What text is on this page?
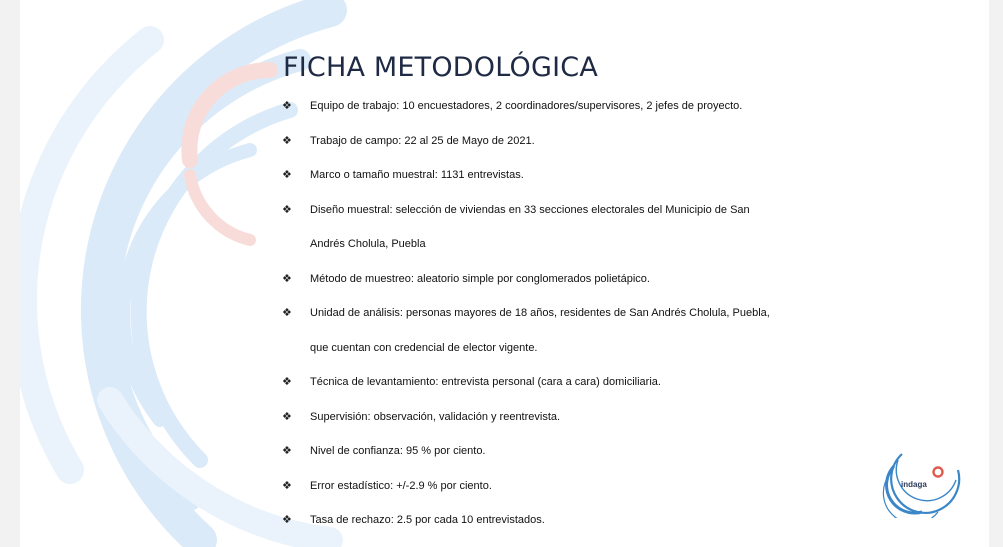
FICHA METODOLÓGICA
❖ Equipo de trabajo: 10 encuestadores, 2 coordinadores/supervisores, 2 jefes de proyecto.
❖ Trabajo de campo: 22 al 25 de Mayo de 2021.
❖ Marco o tamaño muestral: 1131 entrevistas.
❖ Diseño muestral: selección de viviendas en 33 secciones electorales del Municipio de San
Andrés Cholula, Puebla
❖ Método de muestreo: aleatorio simple por conglomerados polietápico.
❖ Unidad de análisis: personas mayores de 18 años, residentes de San Andrés Cholula, Puebla,
que cuentan con credencial de elector vigente.
❖ Técnica de levantamiento: entrevista personal (cara a cara) domiciliaria.
❖ Supervisión: observación, validación y reentrevista.
❖ Nivel de confianza: 95 % por ciento.
❖ Error estadístico: +/-2.9 % por ciento.
❖ Tasa de rechazo: 2.5 por cada 10 entrevistados.
indaga
